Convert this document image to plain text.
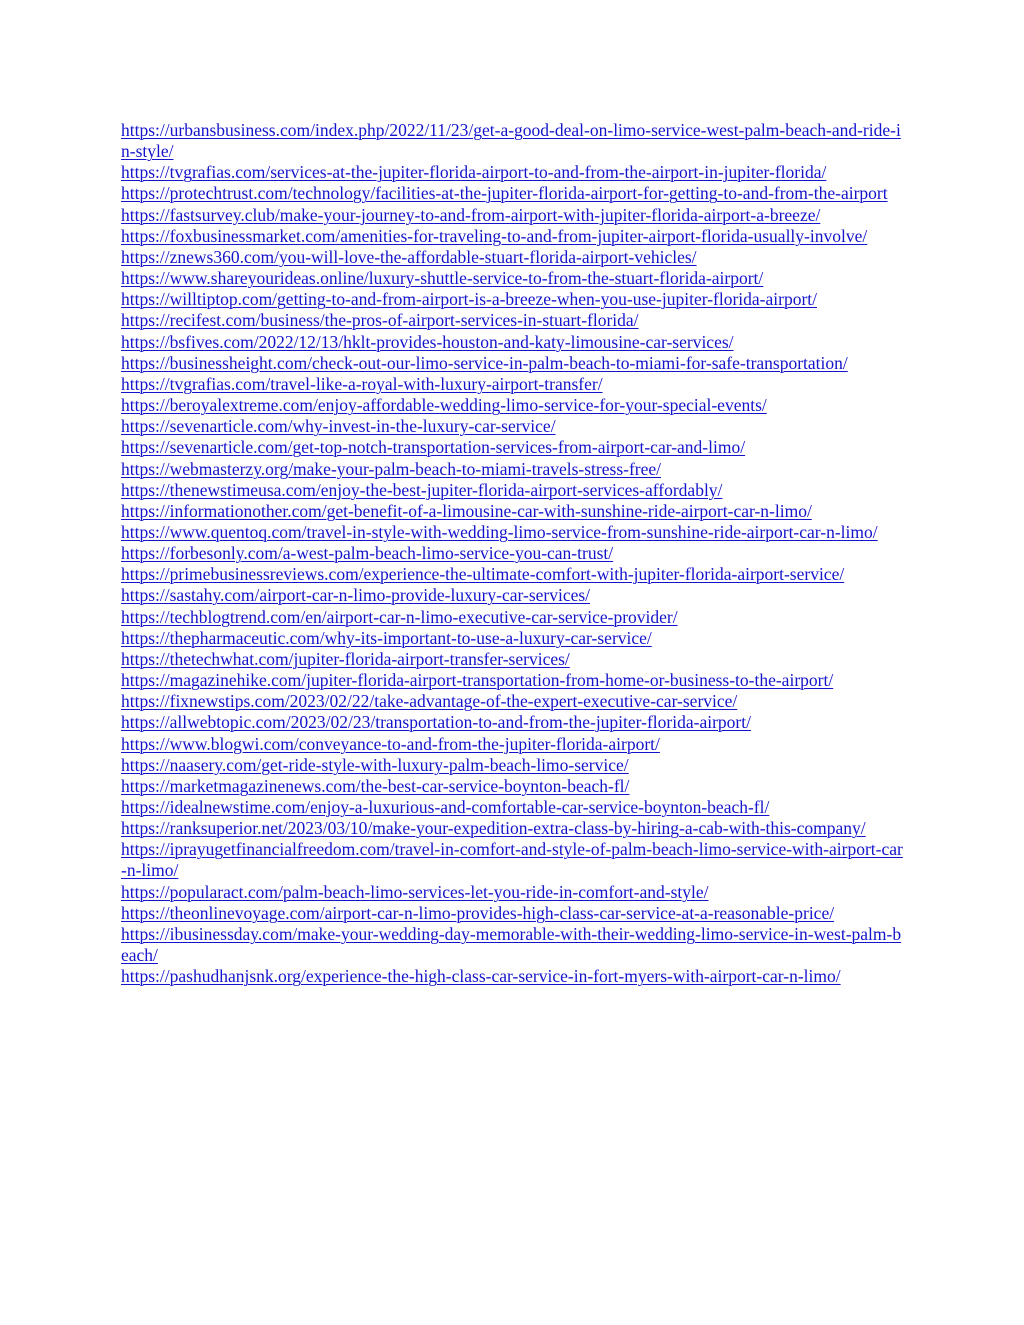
https://urbansbusiness.com/index.php/2022/11/23/get-a-good-deal-on-limo-service-west-palm-beach-and-ride-in-style/
https://tvgrafias.com/services-at-the-jupiter-florida-airport-to-and-from-the-airport-in-jupiter-florida/
https://protechtrust.com/technology/facilities-at-the-jupiter-florida-airport-for-getting-to-and-from-the-airport
https://fastsurvey.club/make-your-journey-to-and-from-airport-with-jupiter-florida-airport-a-breeze/
https://foxbusinessmarket.com/amenities-for-traveling-to-and-from-jupiter-airport-florida-usually-involve/
https://znews360.com/you-will-love-the-affordable-stuart-florida-airport-vehicles/
https://www.shareyourideas.online/luxury-shuttle-service-to-from-the-stuart-florida-airport/
https://willtiptop.com/getting-to-and-from-airport-is-a-breeze-when-you-use-jupiter-florida-airport/
https://recifest.com/business/the-pros-of-airport-services-in-stuart-florida/
https://bsfives.com/2022/12/13/hklt-provides-houston-and-katy-limousine-car-services/
https://businessheight.com/check-out-our-limo-service-in-palm-beach-to-miami-for-safe-transportation/
https://tvgrafias.com/travel-like-a-royal-with-luxury-airport-transfer/
https://beroyalextreme.com/enjoy-affordable-wedding-limo-service-for-your-special-events/
https://sevenarticle.com/why-invest-in-the-luxury-car-service/
https://sevenarticle.com/get-top-notch-transportation-services-from-airport-car-and-limo/
https://webmasterzy.org/make-your-palm-beach-to-miami-travels-stress-free/
https://thenewstimeusa.com/enjoy-the-best-jupiter-florida-airport-services-affordably/
https://informationother.com/get-benefit-of-a-limousine-car-with-sunshine-ride-airport-car-n-limo/
https://www.quentoq.com/travel-in-style-with-wedding-limo-service-from-sunshine-ride-airport-car-n-limo/
https://forbesonly.com/a-west-palm-beach-limo-service-you-can-trust/
https://primebusinessreviews.com/experience-the-ultimate-comfort-with-jupiter-florida-airport-service/
https://sastahy.com/airport-car-n-limo-provide-luxury-car-services/
https://techblogtrend.com/en/airport-car-n-limo-executive-car-service-provider/
https://thepharmaceutic.com/why-its-important-to-use-a-luxury-car-service/
https://thetechwhat.com/jupiter-florida-airport-transfer-services/
https://magazinehike.com/jupiter-florida-airport-transportation-from-home-or-business-to-the-airport/
https://fixnewstips.com/2023/02/22/take-advantage-of-the-expert-executive-car-service/
https://allwebtopic.com/2023/02/23/transportation-to-and-from-the-jupiter-florida-airport/
https://www.blogwi.com/conveyance-to-and-from-the-jupiter-florida-airport/
https://naasery.com/get-ride-style-with-luxury-palm-beach-limo-service/
https://marketmagazinenews.com/the-best-car-service-boynton-beach-fl/
https://idealnewstime.com/enjoy-a-luxurious-and-comfortable-car-service-boynton-beach-fl/
https://ranksuperior.net/2023/03/10/make-your-expedition-extra-class-by-hiring-a-cab-with-this-company/
https://iprayugetfinancialfreedom.com/travel-in-comfort-and-style-of-palm-beach-limo-service-with-airport-car-n-limo/
https://popularact.com/palm-beach-limo-services-let-you-ride-in-comfort-and-style/
https://theonlinevoyage.com/airport-car-n-limo-provides-high-class-car-service-at-a-reasonable-price/
https://ibusinessday.com/make-your-wedding-day-memorable-with-their-wedding-limo-service-in-west-palm-beach/
https://pashudhanjsnk.org/experience-the-high-class-car-service-in-fort-myers-with-airport-car-n-limo/
